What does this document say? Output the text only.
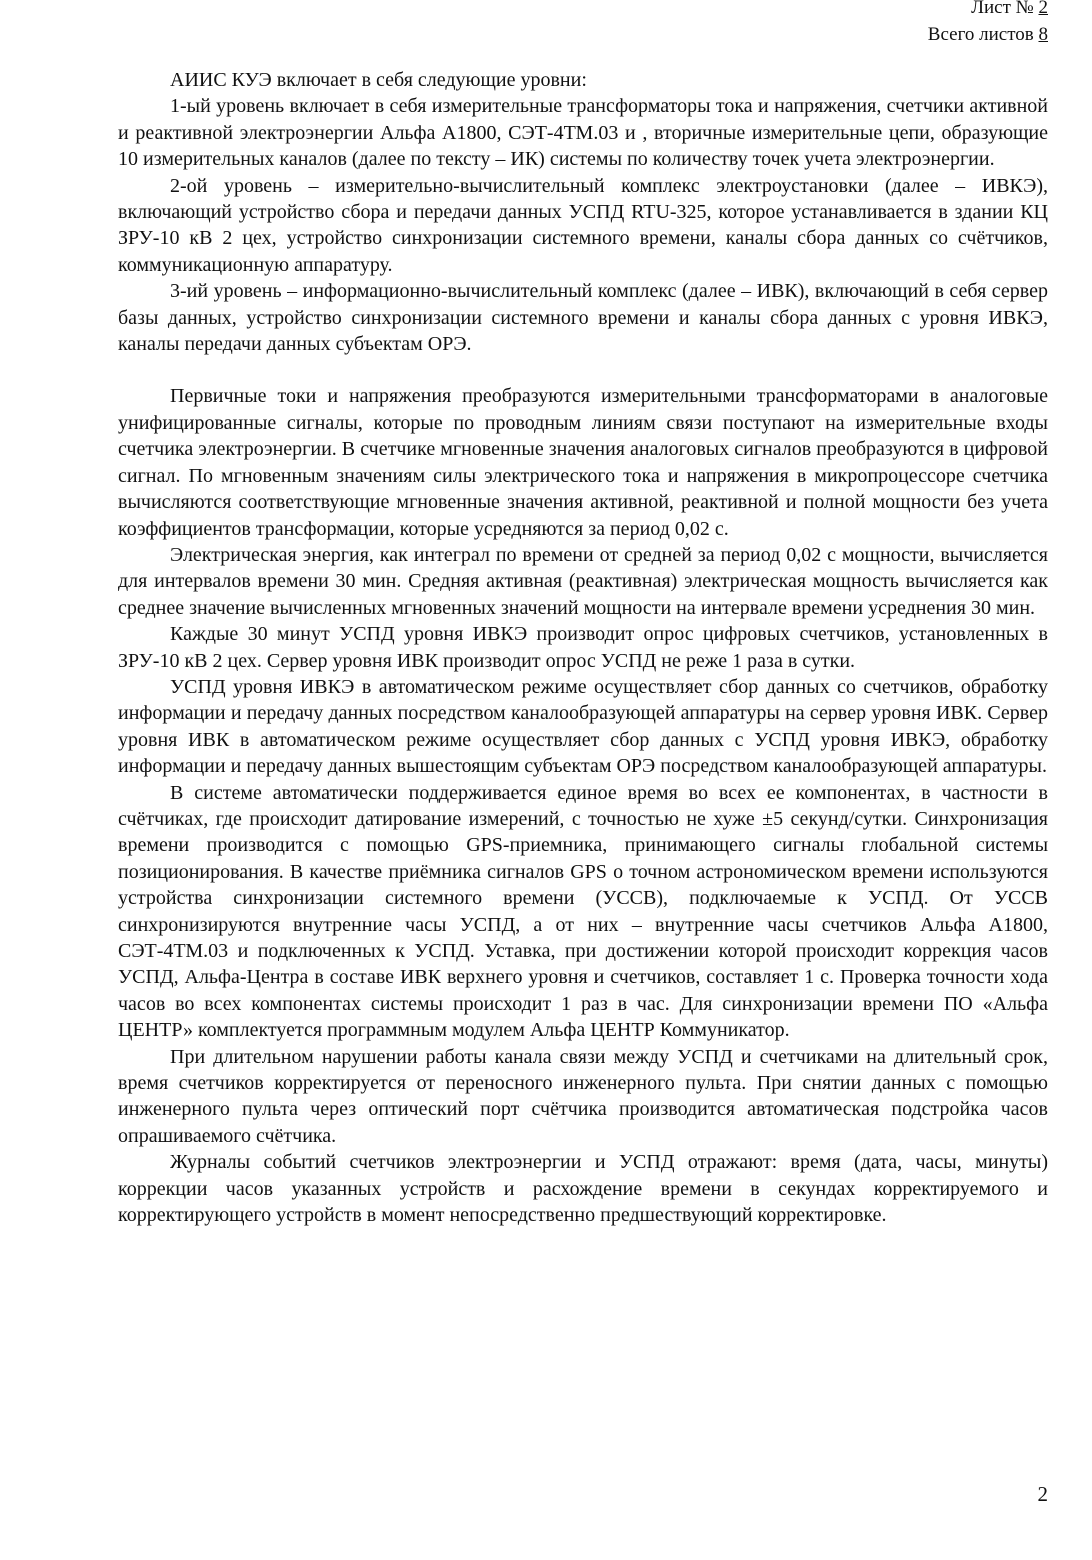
Лист № 2
Всего листов 8

АИИС КУЭ включает в себя следующие уровни:

1-ый уровень включает в себя измерительные трансформаторы тока и напряжения, счетчики активной и реактивной электроэнергии Альфа A1800, СЭТ-4ТМ.03 и , вторичные измерительные цепи, образующие 10 измерительных каналов (далее по тексту – ИК) системы по количеству точек учета электроэнергии.

2-ой уровень – измерительно-вычислительный комплекс электроустановки (далее – ИВКЭ), включающий устройство сбора и передачи данных УСПД RTU-325, которое устанавливается в здании КЦ ЗРУ-10 кВ 2 цех, устройство синхронизации системного времени, каналы сбора данных со счётчиков, коммуникационную аппаратуру.

3-ий уровень – информационно-вычислительный комплекс (далее – ИВК), включающий в себя сервер базы данных, устройство синхронизации системного времени и каналы сбора данных с уровня ИВКЭ, каналы передачи данных субъектам ОРЭ.

Первичные токи и напряжения преобразуются измерительными трансформаторами в аналоговые унифицированные сигналы, которые по проводным линиям связи поступают на измерительные входы счетчика электроэнергии. В счетчике мгновенные значения аналоговых сигналов преобразуются в цифровой сигнал. По мгновенным значениям силы электрического тока и напряжения в микропроцессоре счетчика вычисляются соответствующие мгновенные значения активной, реактивной и полной мощности без учета коэффициентов трансформации, которые усредняются за период 0,02 с.

Электрическая энергия, как интеграл по времени от средней за период 0,02 с мощности, вычисляется для интервалов времени 30 мин. Средняя активная (реактивная) электрическая мощность вычисляется как среднее значение вычисленных мгновенных значений мощности на интервале времени усреднения 30 мин.

Каждые 30 минут УСПД уровня ИВКЭ производит опрос цифровых счетчиков, установленных в ЗРУ-10 кВ 2 цех. Сервер уровня ИВК производит опрос УСПД не реже 1 раза в сутки.

УСПД уровня ИВКЭ в автоматическом режиме осуществляет сбор данных со счетчиков, обработку информации и передачу данных посредством каналообразующей аппаратуры на сервер уровня ИВК. Сервер уровня ИВК в автоматическом режиме осуществляет сбор данных с УСПД уровня ИВКЭ, обработку информации и передачу данных вышестоящим субъектам ОРЭ посредством каналообразующей аппаратуры.

В системе автоматически поддерживается единое время во всех ее компонентах, в частности в счётчиках, где происходит датирование измерений, с точностью не хуже ±5 секунд/сутки. Синхронизация времени производится с помощью GPS-приемника, принимающего сигналы глобальной системы позиционирования. В качестве приёмника сигналов GPS о точном астрономическом времени используются устройства синхронизации системного времени (УССВ), подключаемые к УСПД. От УССВ синхронизируются внутренние часы УСПД, а от них – внутренние часы счетчиков Альфа A1800, СЭТ-4ТМ.03 и подключенных к УСПД. Уставка, при достижении которой происходит коррекция часов УСПД, Альфа-Центра в составе ИВК верхнего уровня и счетчиков, составляет 1 с. Проверка точности хода часов во всех компонентах системы происходит 1 раз в час. Для синхронизации времени ПО «Альфа ЦЕНТР» комплектуется программным модулем Альфа ЦЕНТР Коммуникатор.

При длительном нарушении работы канала связи между УСПД и счетчиками на длительный срок, время счетчиков корректируется от переносного инженерного пульта. При снятии данных с помощью инженерного пульта через оптический порт счётчика производится автоматическая подстройка часов опрашиваемого счётчика.

Журналы событий счетчиков электроэнергии и УСПД отражают: время (дата, часы, минуты) коррекции часов указанных устройств и расхождение времени в секундах корректируемого и корректирующего устройств в момент непосредственно предшествующий корректировке.

2
